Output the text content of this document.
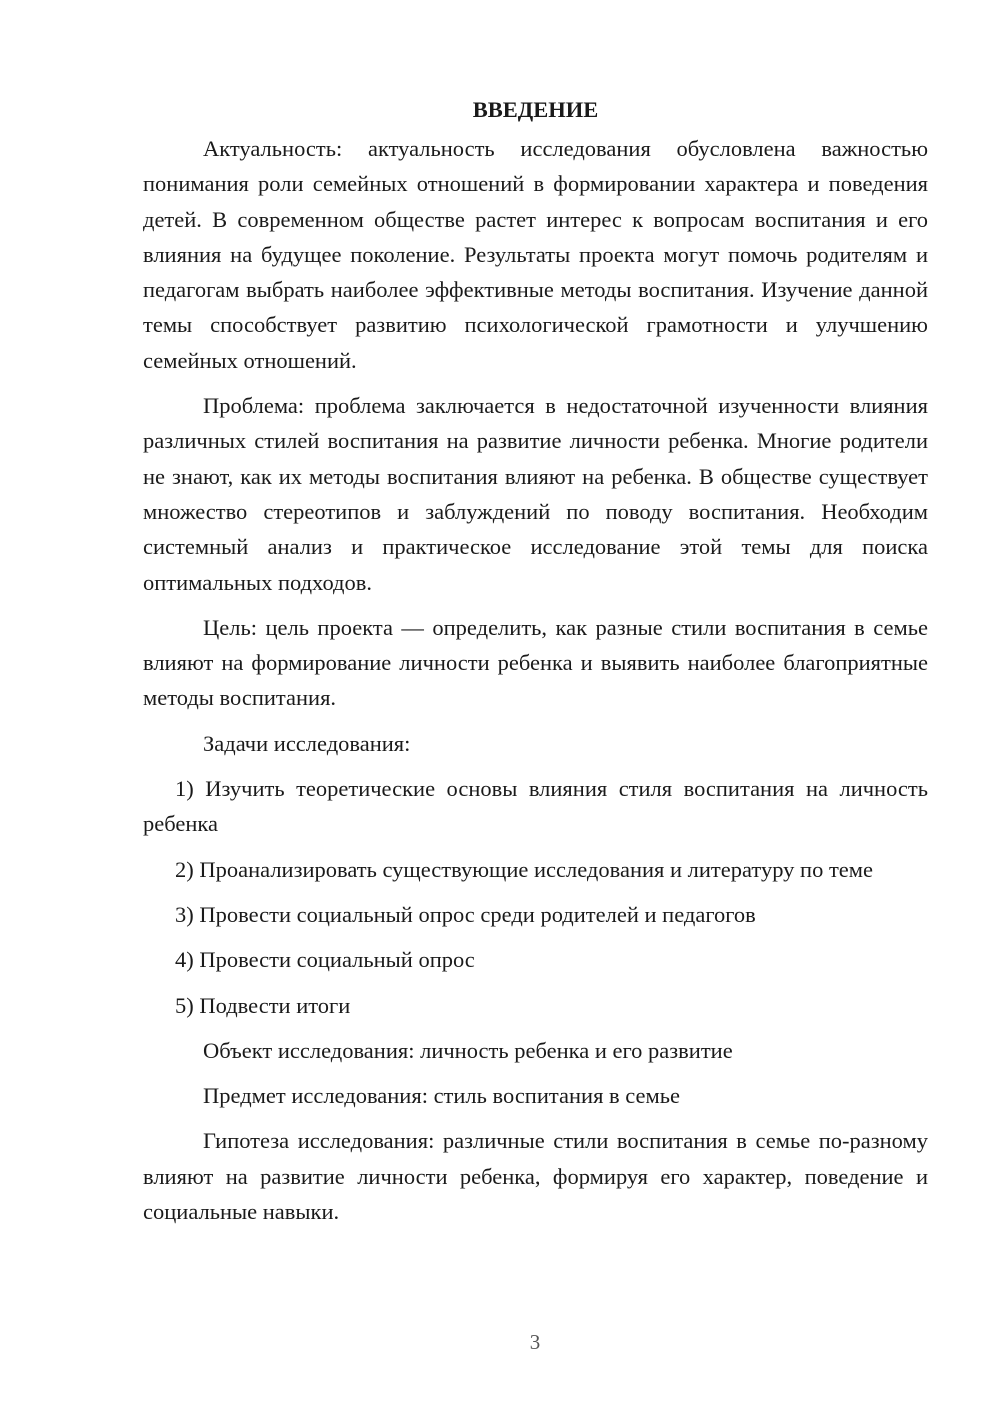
ВВЕДЕНИЕ

Актуальность: актуальность исследования обусловлена важностью понимания роли семейных отношений в формировании характера и поведения детей. В современном обществе растет интерес к вопросам воспитания и его влияния на будущее поколение. Результаты проекта могут помочь родителям и педагогам выбрать наиболее эффективные методы воспитания. Изучение данной темы способствует развитию психологической грамотности и улучшению семейных отношений.

Проблема: проблема заключается в недостаточной изученности влияния различных стилей воспитания на развитие личности ребенка. Многие родители не знают, как их методы воспитания влияют на ребенка. В обществе существует множество стереотипов и заблуждений по поводу воспитания. Необходим системный анализ и практическое исследование этой темы для поиска оптимальных подходов.

Цель: цель проекта — определить, как разные стили воспитания в семье влияют на формирование личности ребенка и выявить наиболее благоприятные методы воспитания.

Задачи исследования:

1) Изучить теоретические основы влияния стиля воспитания на личность ребенка

2) Проанализировать существующие исследования и литературу по теме

3) Провести социальный опрос среди родителей и педагогов

4) Провести социальный опрос

5) Подвести итоги

Объект исследования: личность ребенка и его развитие

Предмет исследования: стиль воспитания в семье

Гипотеза исследования: различные стили воспитания в семье по-разному влияют на развитие личности ребенка, формируя его характер, поведение и социальные навыки.

3
